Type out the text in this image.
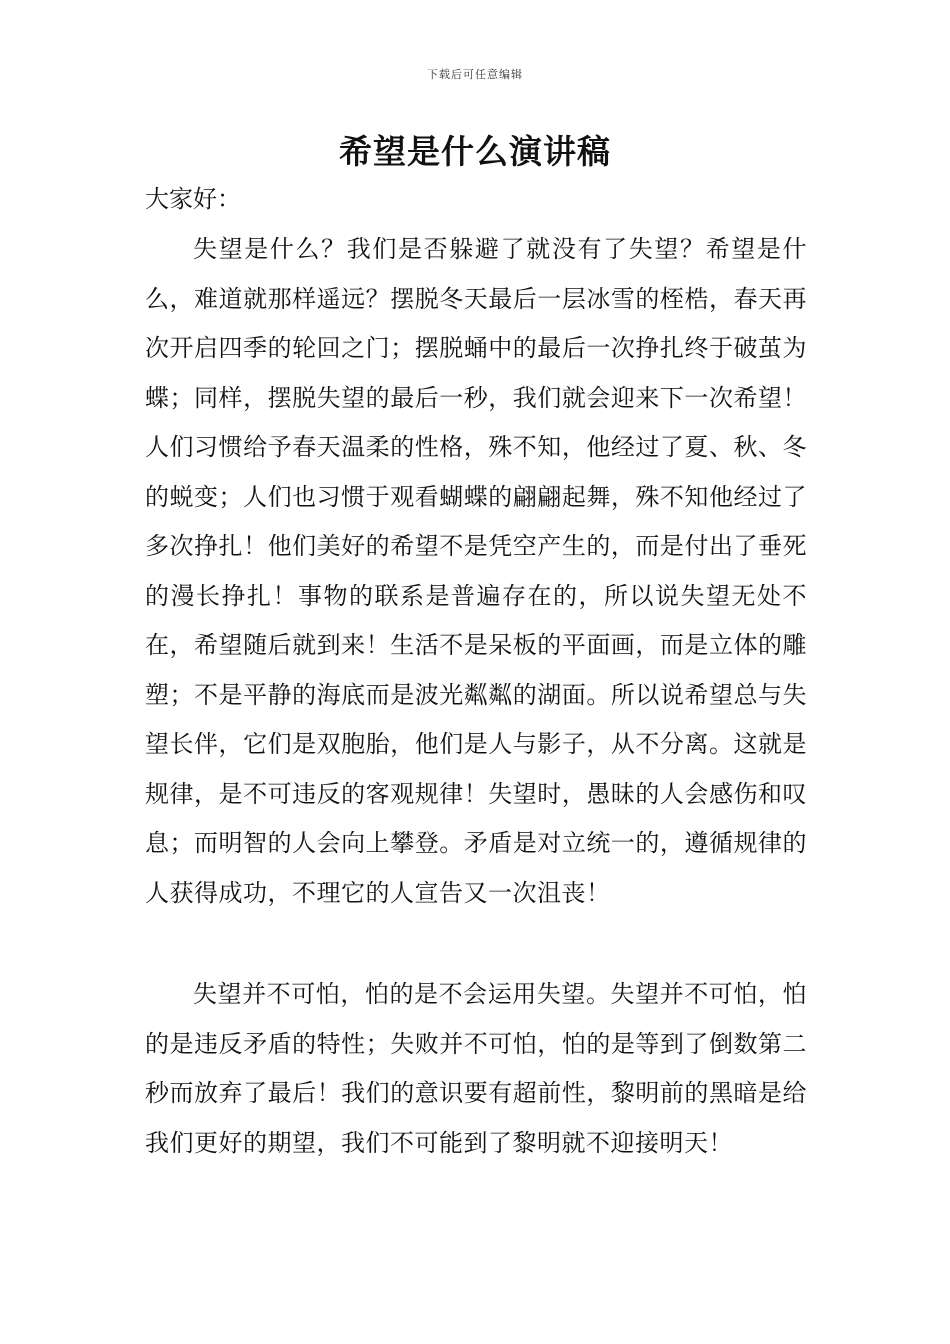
下载后可任意编辑
希望是什么演讲稿
大家好：

失望是什么？我们是否躲避了就没有了失望？希望是什么，难道就那样遥远？摆脱冬天最后一层冰雪的桎梏，春天再次开启四季的轮回之门；摆脱蛹中的最后一次挣扎终于破茧为蝶；同样，摆脱失望的最后一秒，我们就会迎来下一次希望！人们习惯给予春天温柔的性格，殊不知，他经过了夏、秋、冬的蜕变；人们也习惯于观看蝴蝶的翩翩起舞，殊不知他经过了多次挣扎！他们美好的希望不是凭空产生的，而是付出了垂死的漫长挣扎！事物的联系是普遍存在的，所以说失望无处不在，希望随后就到来！生活不是呆板的平面画，而是立体的雕塑；不是平静的海底而是波光粼粼的湖面。所以说希望总与失望长伴，它们是双胞胎，他们是人与影子，从不分离。这就是规律，是不可违反的客观规律！失望时，愚昧的人会感伤和叹息；而明智的人会向上攀登。矛盾是对立统一的，遵循规律的人获得成功，不理它的人宣告又一次沮丧！

失望并不可怕，怕的是不会运用失望。失望并不可怕，怕的是违反矛盾的特性；失败并不可怕，怕的是等到了倒数第二秒而放弃了最后！我们的意识要有超前性，黎明前的黑暗是给我们更好的期望，我们不可能到了黎明就不迎接明天！
